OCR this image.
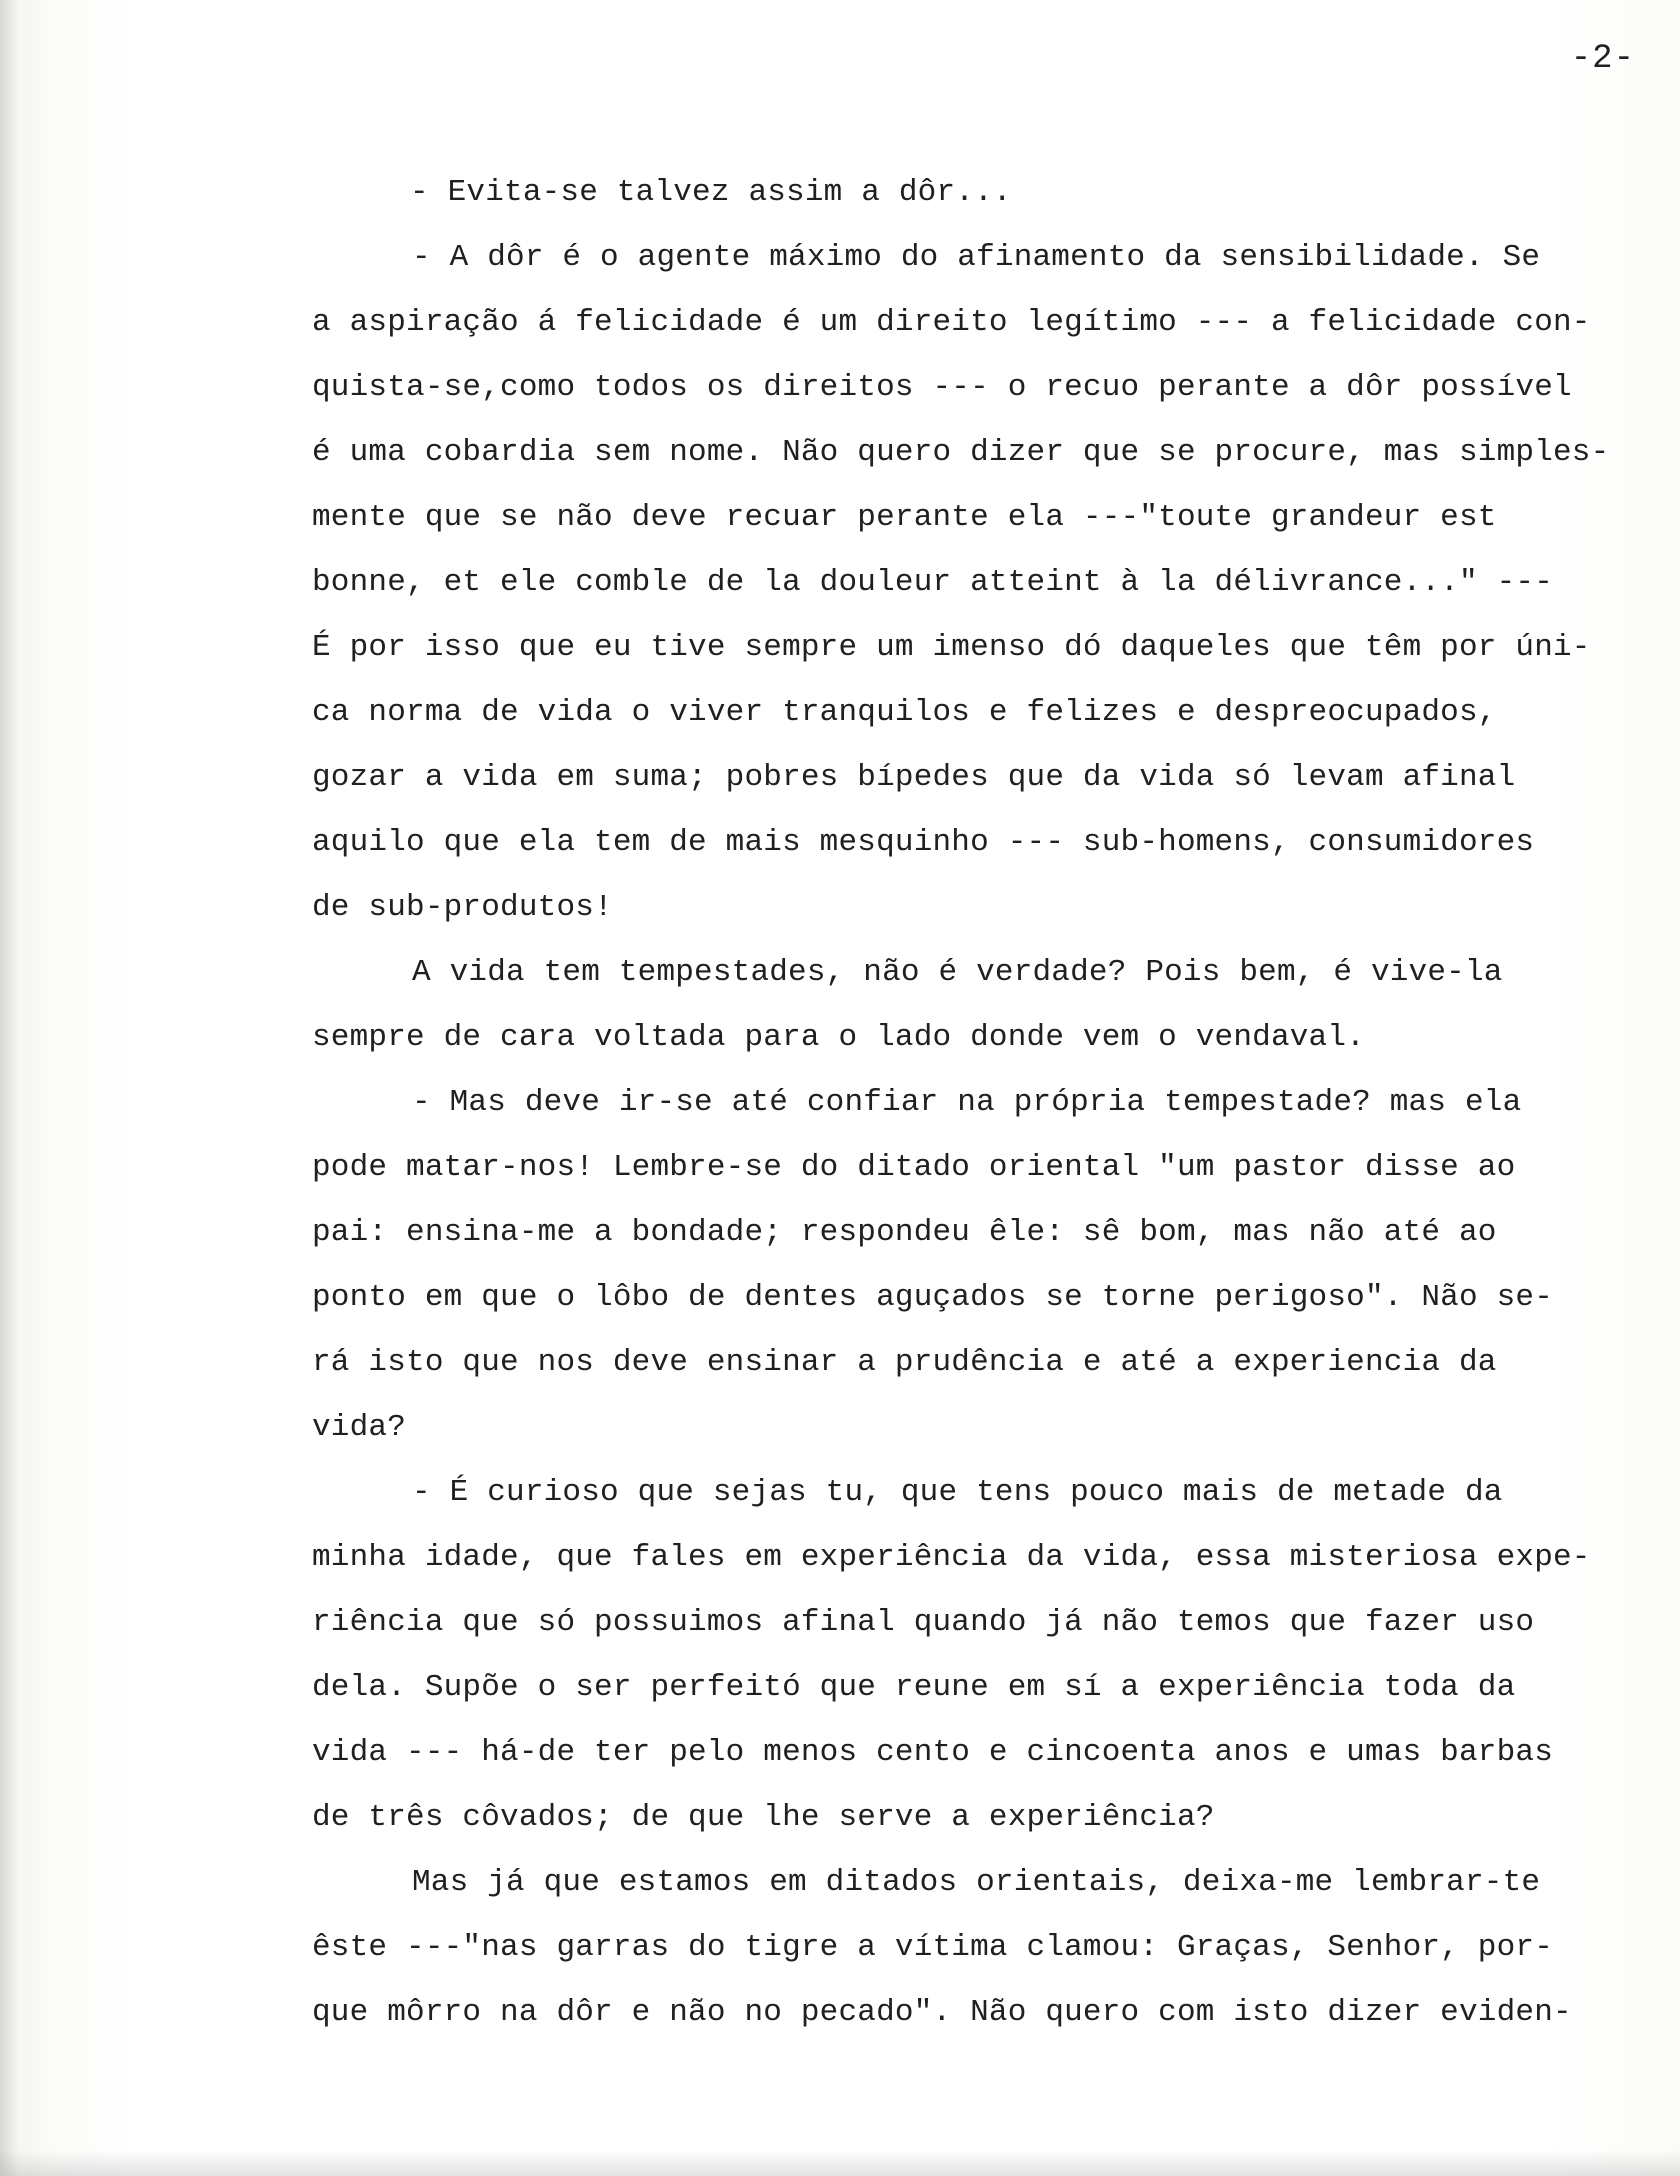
-2-
- Evita-se talvez assim a dôr...
- A dôr é o agente máximo do afinamento da sensibilidade. Se
a aspiração á felicidade é um direito legítimo --- a felicidade con-
quista-se,como todos os direitos --- o recuo perante a dôr possível
é uma cobardia sem nome. Não quero dizer que se procure, mas simples-
mente que se não deve recuar perante ela ---"toute grandeur est
bonne, et ele comble de la douleur atteint à la délivrance..." ---
É por isso que eu tive sempre um imenso dó daqueles que têm por úni-
ca norma de vida o viver tranquilos e felizes e despreocupados,
gozar a vida em suma; pobres bípedes que da vida só levam afinal
aquilo que ela tem de mais mesquinho --- sub-homens, consumidores
de sub-produtos!
A vida tem tempestades, não é verdade? Pois bem, é vive-la
sempre de cara voltada para o lado donde vem o vendaval.
- Mas deve ir-se até confiar na própria tempestade? mas ela
pode matar-nos! Lembre-se do ditado oriental "um pastor disse ao
pai: ensina-me a bondade; respondeu êle: sê bom, mas não até ao
ponto em que o lôbo de dentes aguçados se torne perigoso". Não se-
rá isto que nos deve ensinar a prudência e até a experiencia da
vida?
- É curioso que sejas tu, que tens pouco mais de metade da
minha idade, que fales em experiência da vida, essa misteriosa expe-
riência que só possuimos afinal quando já não temos que fazer uso
dela. Supõe o ser perfeitó que reune em sí a experiência toda da
vida --- há-de ter pelo menos cento e cincoenta anos e umas barbas
de três côvados; de que lhe serve a experiência?
Mas já que estamos em ditados orientais, deixa-me lembrar-te
êste ---"nas garras do tigre a vítima clamou: Graças, Senhor, por-
que môrro na dôr e não no pecado". Não quero com isto dizer eviden-
